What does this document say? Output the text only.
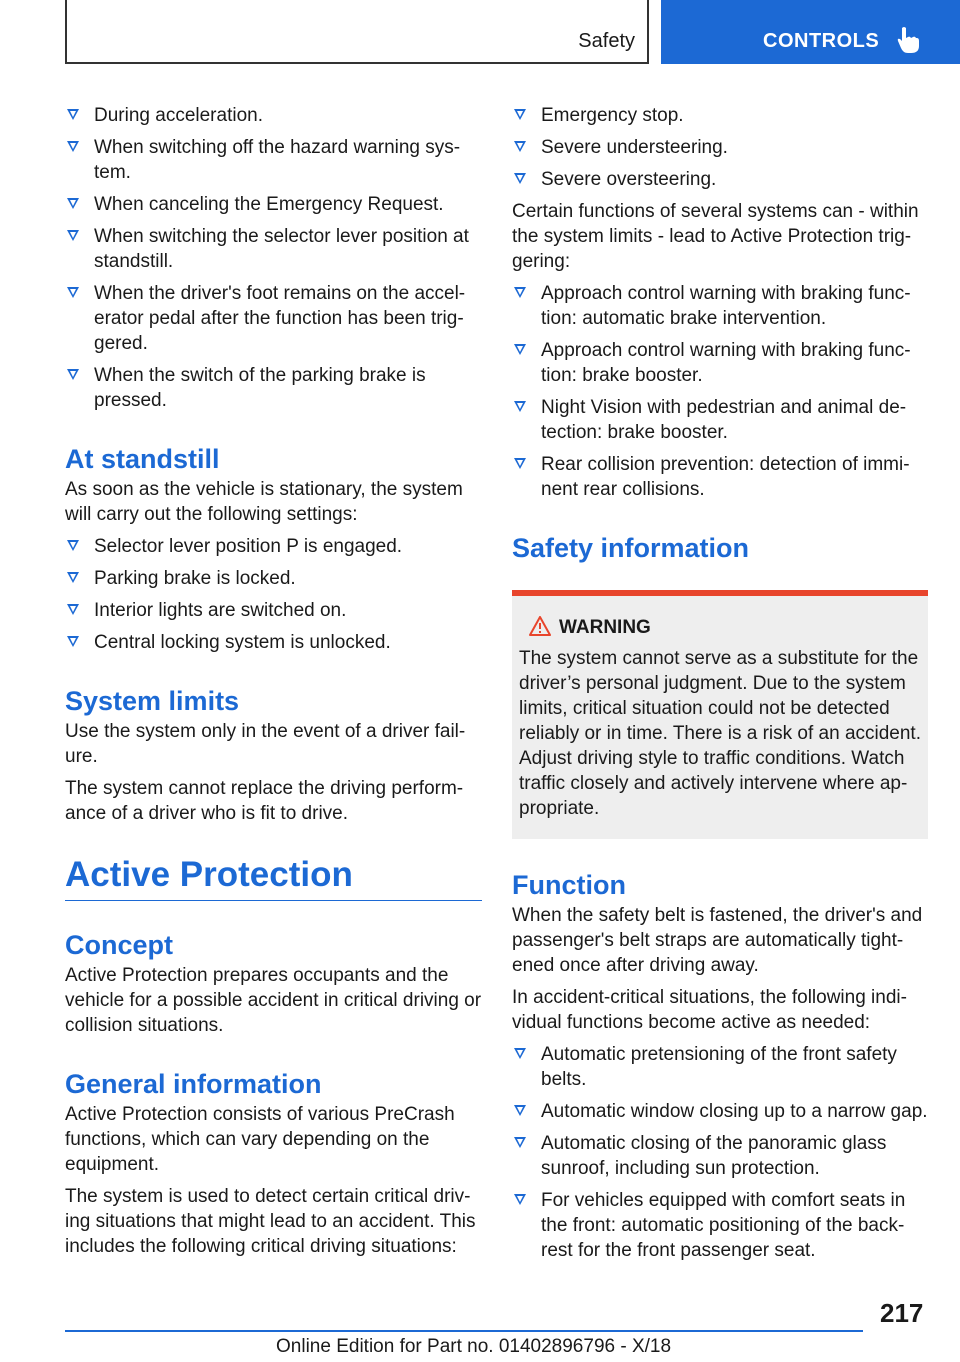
Safety	CONTROLS
During acceleration.
When switching off the hazard warning sys-tem.
When canceling the Emergency Request.
When switching the selector lever position at standstill.
When the driver's foot remains on the accel-erator pedal after the function has been trig-gered.
When the switch of the parking brake is pressed.
At standstill
As soon as the vehicle is stationary, the system will carry out the following settings:
Selector lever position P is engaged.
Parking brake is locked.
Interior lights are switched on.
Central locking system is unlocked.
System limits
Use the system only in the event of a driver fail-ure.
The system cannot replace the driving perform-ance of a driver who is fit to drive.
Active Protection
Concept
Active Protection prepares occupants and the vehicle for a possible accident in critical driving or collision situations.
General information
Active Protection consists of various PreCrash functions, which can vary depending on the equipment.
The system is used to detect certain critical driv-ing situations that might lead to an accident. This includes the following critical driving situations:
Emergency stop.
Severe understeering.
Severe oversteering.
Certain functions of several systems can - within the system limits - lead to Active Protection trig-gering:
Approach control warning with braking func-tion: automatic brake intervention.
Approach control warning with braking func-tion: brake booster.
Night Vision with pedestrian and animal de-tection: brake booster.
Rear collision prevention: detection of immi-nent rear collisions.
Safety information
WARNING
The system cannot serve as a substitute for the driver’s personal judgment. Due to the system limits, critical situation could not be detected reliably or in time. There is a risk of an accident. Adjust driving style to traffic conditions. Watch traffic closely and actively intervene where ap-propriate.
Function
When the safety belt is fastened, the driver's and passenger's belt straps are automatically tight-ened once after driving away.
In accident-critical situations, the following indi-vidual functions become active as needed:
Automatic pretensioning of the front safety belts.
Automatic window closing up to a narrow gap.
Automatic closing of the panoramic glass sunroof, including sun protection.
For vehicles equipped with comfort seats in the front: automatic positioning of the back-rest for the front passenger seat.
217
Online Edition for Part no. 01402896796 - X/18
